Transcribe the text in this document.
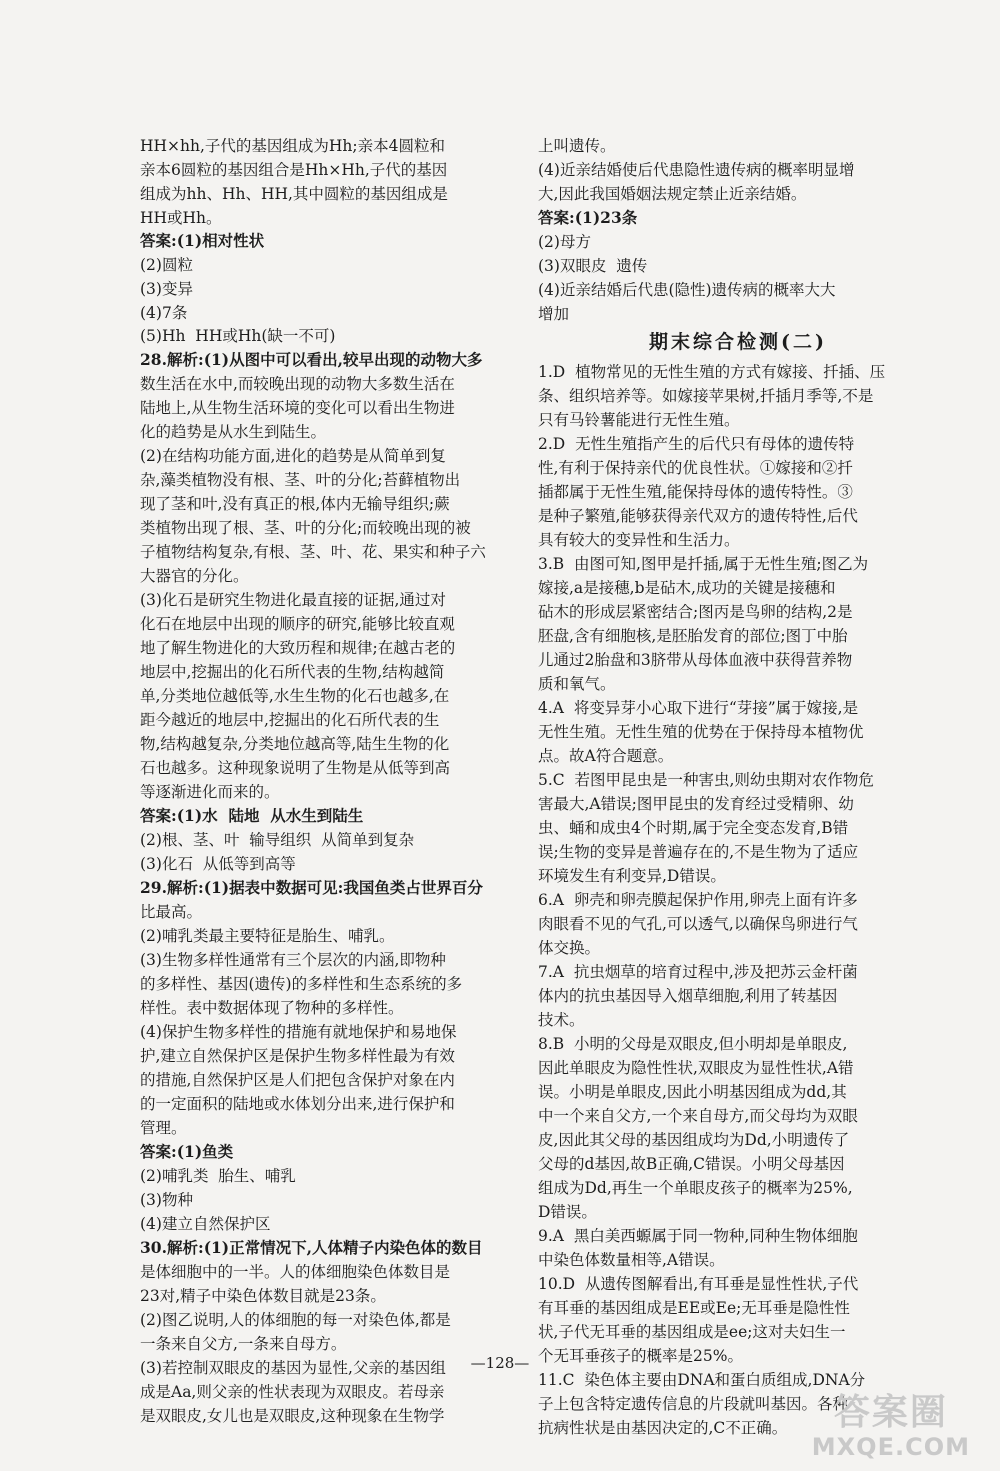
HH×hh,子代的基因组成为Hh;亲本4圆粒和
亲本6圆粒的基因组合是Hh×Hh,子代的基因
组成为hh、Hh、HH,其中圆粒的基因组成是
HH或Hh。
答案:(1)相对性状
(2)圆粒
(3)变异
(4)7条
(5)Hh  HH或Hh(缺一不可)
28.解析:(1)从图中可以看出,较早出现的动物大多
数生活在水中,而较晚出现的动物大多数生活在
陆地上,从生物生活环境的变化可以看出生物进
化的趋势是从水生到陆生。
(2)在结构功能方面,进化的趋势是从简单到复
杂,藻类植物没有根、茎、叶的分化;苔藓植物出
现了茎和叶,没有真正的根,体内无输导组织;蕨
类植物出现了根、茎、叶的分化;而较晚出现的被
子植物结构复杂,有根、茎、叶、花、果实和种子六
大器官的分化。
(3)化石是研究生物进化最直接的证据,通过对
化石在地层中出现的顺序的研究,能够比较直观
地了解生物进化的大致历程和规律;在越古老的
地层中,挖掘出的化石所代表的生物,结构越简
单,分类地位越低等,水生生物的化石也越多,在
距今越近的地层中,挖掘出的化石所代表的生
物,结构越复杂,分类地位越高等,陆生生物的化
石也越多。这种现象说明了生物是从低等到高
等逐渐进化而来的。
答案:(1)水  陆地  从水生到陆生
(2)根、茎、叶  输导组织  从简单到复杂
(3)化石  从低等到高等
29.解析:(1)据表中数据可见:我国鱼类占世界百分
比最高。
(2)哺乳类最主要特征是胎生、哺乳。
(3)生物多样性通常有三个层次的内涵,即物种
的多样性、基因(遗传)的多样性和生态系统的多
样性。表中数据体现了物种的多样性。
(4)保护生物多样性的措施有就地保护和易地保
护,建立自然保护区是保护生物多样性最为有效
的措施,自然保护区是人们把包含保护对象在内
的一定面积的陆地或水体划分出来,进行保护和
管理。
答案:(1)鱼类
(2)哺乳类  胎生、哺乳
(3)物种
(4)建立自然保护区
30.解析:(1)正常情况下,人体精子内染色体的数目
是体细胞中的一半。人的体细胞染色体数目是
23对,精子中染色体数目就是23条。
(2)图乙说明,人的体细胞的每一对染色体,都是
一条来自父方,一条来自母方。
(3)若控制双眼皮的基因为显性,父亲的基因组
成是Aa,则父亲的性状表现为双眼皮。若母亲
是双眼皮,女儿也是双眼皮,这种现象在生物学
上叫遗传。
(4)近亲结婚使后代患隐性遗传病的概率明显增
大,因此我国婚姻法规定禁止近亲结婚。
答案:(1)23条
(2)母方
(3)双眼皮  遗传
(4)近亲结婚后代患(隐性)遗传病的概率大大
增加
期末综合检测(二)
1.D  植物常见的无性生殖的方式有嫁接、扦插、压
条、组织培养等。如嫁接苹果树,扦插月季等,不是
只有马铃薯能进行无性生殖。
2.D  无性生殖指产生的后代只有母体的遗传特
性,有利于保持亲代的优良性状。①嫁接和②扦
插都属于无性生殖,能保持母体的遗传特性。③
是种子繁殖,能够获得亲代双方的遗传特性,后代
具有较大的变异性和生活力。
3.B  由图可知,图甲是扦插,属于无性生殖;图乙为
嫁接,a是接穗,b是砧木,成功的关键是接穗和
砧木的形成层紧密结合;图丙是鸟卵的结构,2是
胚盘,含有细胞核,是胚胎发育的部位;图丁中胎
儿通过2胎盘和3脐带从母体血液中获得营养物
质和氧气。
4.A  将变异芽小心取下进行“芽接”属于嫁接,是
无性生殖。无性生殖的优势在于保持母本植物优
点。故A符合题意。
5.C  若图甲昆虫是一种害虫,则幼虫期对农作物危
害最大,A错误;图甲昆虫的发育经过受精卵、幼
虫、蛹和成虫4个时期,属于完全变态发育,B错
误;生物的变异是普遍存在的,不是生物为了适应
环境发生有利变异,D错误。
6.A  卵壳和卵壳膜起保护作用,卵壳上面有许多
肉眼看不见的气孔,可以透气,以确保鸟卵进行气
体交换。
7.A  抗虫烟草的培育过程中,涉及把苏云金杆菌
体内的抗虫基因导入烟草细胞,利用了转基因
技术。
8.B  小明的父母是双眼皮,但小明却是单眼皮,
因此单眼皮为隐性性状,双眼皮为显性性状,A错
误。小明是单眼皮,因此小明基因组成为dd,其
中一个来自父方,一个来自母方,而父母均为双眼
皮,因此其父母的基因组成均为Dd,小明遗传了
父母的d基因,故B正确,C错误。小明父母基因
组成为Dd,再生一个单眼皮孩子的概率为25%,
D错误。
9.A  黑白美西螈属于同一物种,同种生物体细胞
中染色体数量相等,A错误。
10.D  从遗传图解看出,有耳垂是显性性状,子代
有耳垂的基因组成是EE或Ee;无耳垂是隐性性
状,子代无耳垂的基因组成是ee;这对夫妇生一
个无耳垂孩子的概率是25%。
11.C  染色体主要由DNA和蛋白质组成,DNA分
子上包含特定遗传信息的片段就叫基因。各种
抗病性状是由基因决定的,C不正确。
—128—
答案圈
MXQE.COM
